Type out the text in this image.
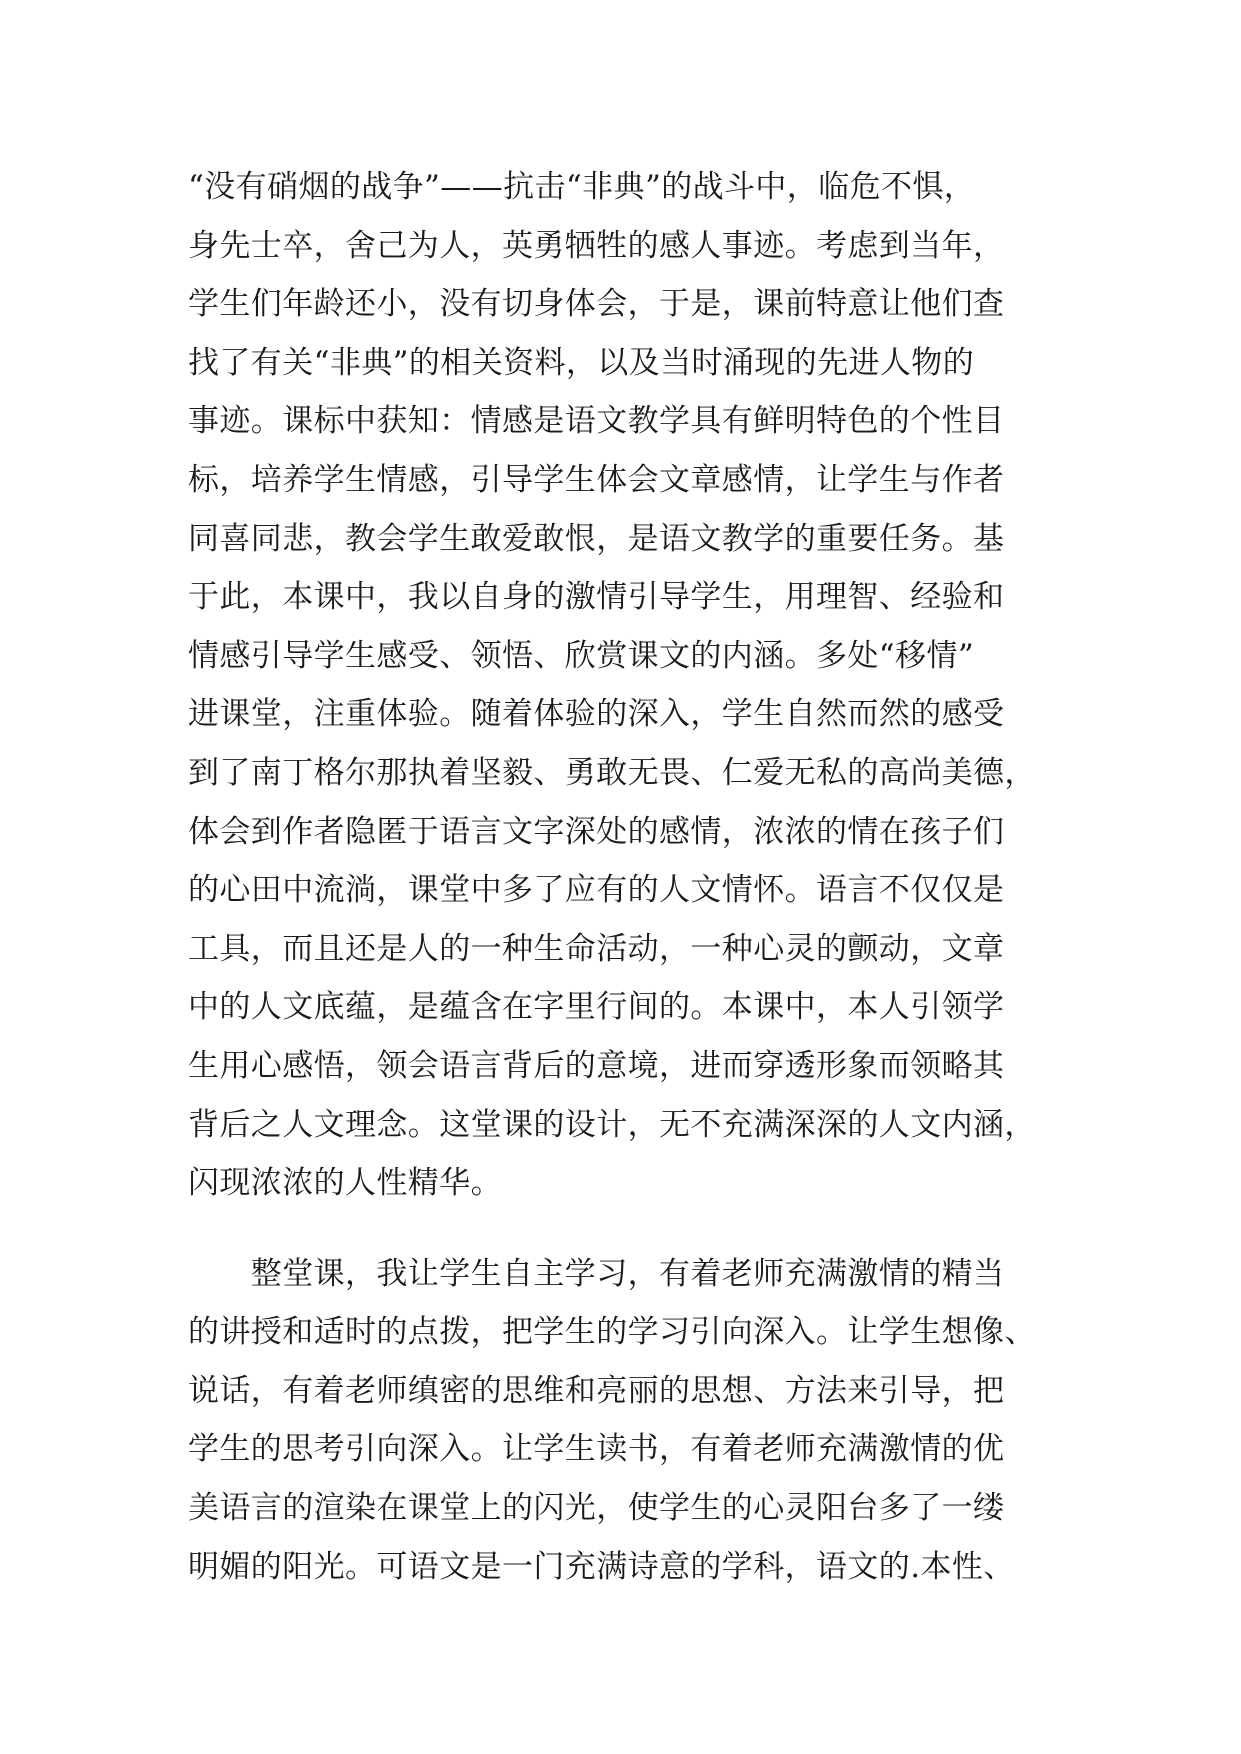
“没有硝烟的战争”——抗击“非典”的战斗中，临危不惧，
身先士卒，舍己为人，英勇牺牲的感人事迹。考虑到当年，
学生们年龄还小，没有切身体会，于是，课前特意让他们查
找了有关“非典”的相关资料，以及当时涌现的先进人物的
事迹。课标中获知：情感是语文教学具有鲜明特色的个性目
标，培养学生情感，引导学生体会文章感情，让学生与作者
同喜同悲，教会学生敢爱敢恨，是语文教学的重要任务。基
于此，本课中，我以自身的激情引导学生，用理智、经验和
情感引导学生感受、领悟、欣赏课文的内涵。多处“移情”
进课堂，注重体验。随着体验的深入，学生自然而然的感受
到了南丁格尔那执着坚毅、勇敢无畏、仁爱无私的高尚美德，
体会到作者隐匿于语言文字深处的感情，浓浓的情在孩子们
的心田中流淌，课堂中多了应有的人文情怀。语言不仅仅是
工具，而且还是人的一种生命活动，一种心灵的颤动，文章
中的人文底蕴，是蕴含在字里行间的。本课中，本人引领学
生用心感悟，领会语言背后的意境，进而穿透形象而领略其
背后之人文理念。这堂课的设计，无不充满深深的人文内涵，
闪现浓浓的人性精华。
　　整堂课，我让学生自主学习，有着老师充满激情的精当
的讲授和适时的点拨，把学生的学习引向深入。让学生想像、
说话，有着老师缜密的思维和亮丽的思想、方法来引导，把
学生的思考引向深入。让学生读书，有着老师充满激情的优
美语言的渲染在课堂上的闪光，使学生的心灵阳台多了一缕
明媚的阳光。可语文是一门充满诗意的学科，语文的.本性、
